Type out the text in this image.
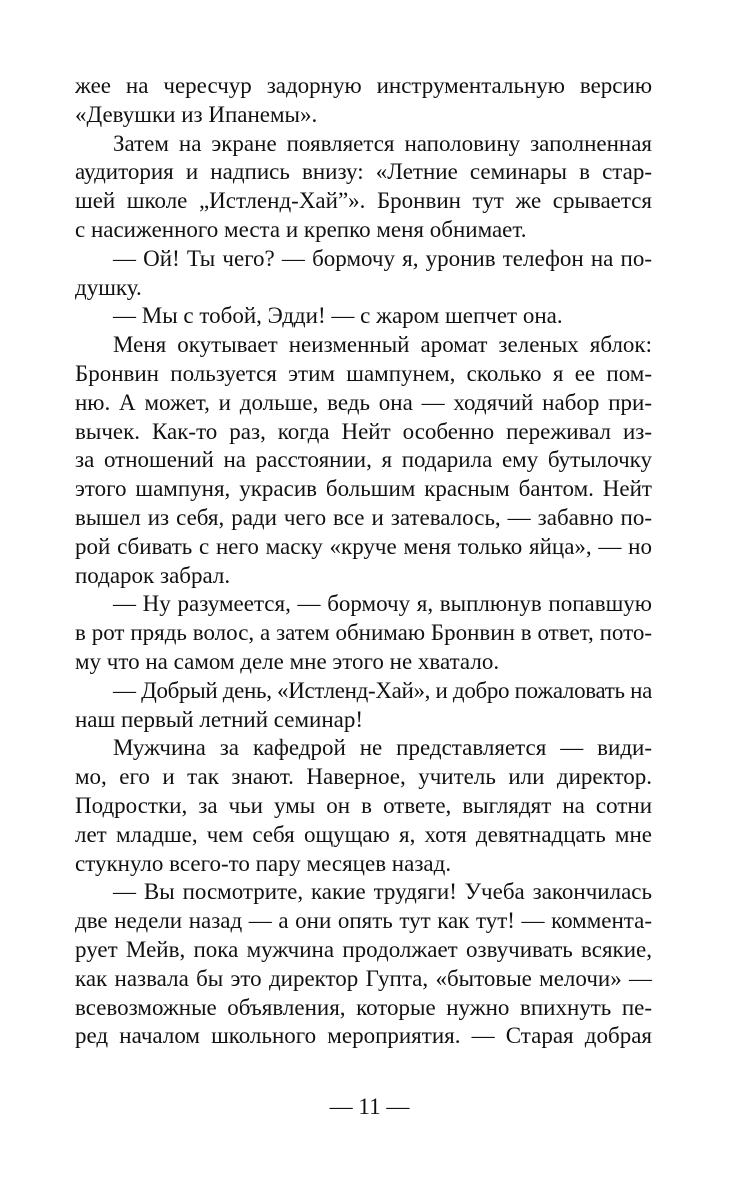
жее на чересчур задорную инструментальную версию
«Девушки из Ипанемы».
Затем на экране появляется наполовину заполненная
аудитория и надпись внизу: «Летние семинары в стар-
шей школе „Истленд-Хай”». Бронвин тут же срывается
с насиженного места и крепко меня обнимает.
— Ой! Ты чего? — бормочу я, уронив телефон на по-
душку.
— Мы с тобой, Эдди! — с жаром шепчет она.
Меня окутывает неизменный аромат зеленых яблок:
Бронвин пользуется этим шампунем, сколько я ее пом-
ню. А может, и дольше, ведь она — ходячий набор при-
вычек. Как-то раз, когда Нейт особенно переживал из-
за отношений на расстоянии, я подарила ему бутылочку
этого шампуня, украсив большим красным бантом. Нейт
вышел из себя, ради чего все и затевалось, — забавно по-
рой сбивать с него маску «круче меня только яйца», — но
подарок забрал.
— Ну разумеется, — бормочу я, выплюнув попавшую
в рот прядь волос, а затем обнимаю Бронвин в ответ, пото-
му что на самом деле мне этого не хватало.
— Добрый день, «Истленд-Хай», и добро пожаловать на
наш первый летний семинар!
Мужчина за кафедрой не представляется — види-
мо, его и так знают. Наверное, учитель или директор.
Подростки, за чьи умы он в ответе, выглядят на сотни
лет младше, чем себя ощущаю я, хотя девятнадцать мне
стукнуло всего-то пару месяцев назад.
— Вы посмотрите, какие трудяги! Учеба закончилась
две недели назад — а они опять тут как тут! — коммента-
рует Мейв, пока мужчина продолжает озвучивать всякие,
как назвала бы это директор Гупта, «бытовые мелочи» —
всевозможные объявления, которые нужно впихнуть пе-
ред началом школьного мероприятия. — Старая добрая
— 11 —
